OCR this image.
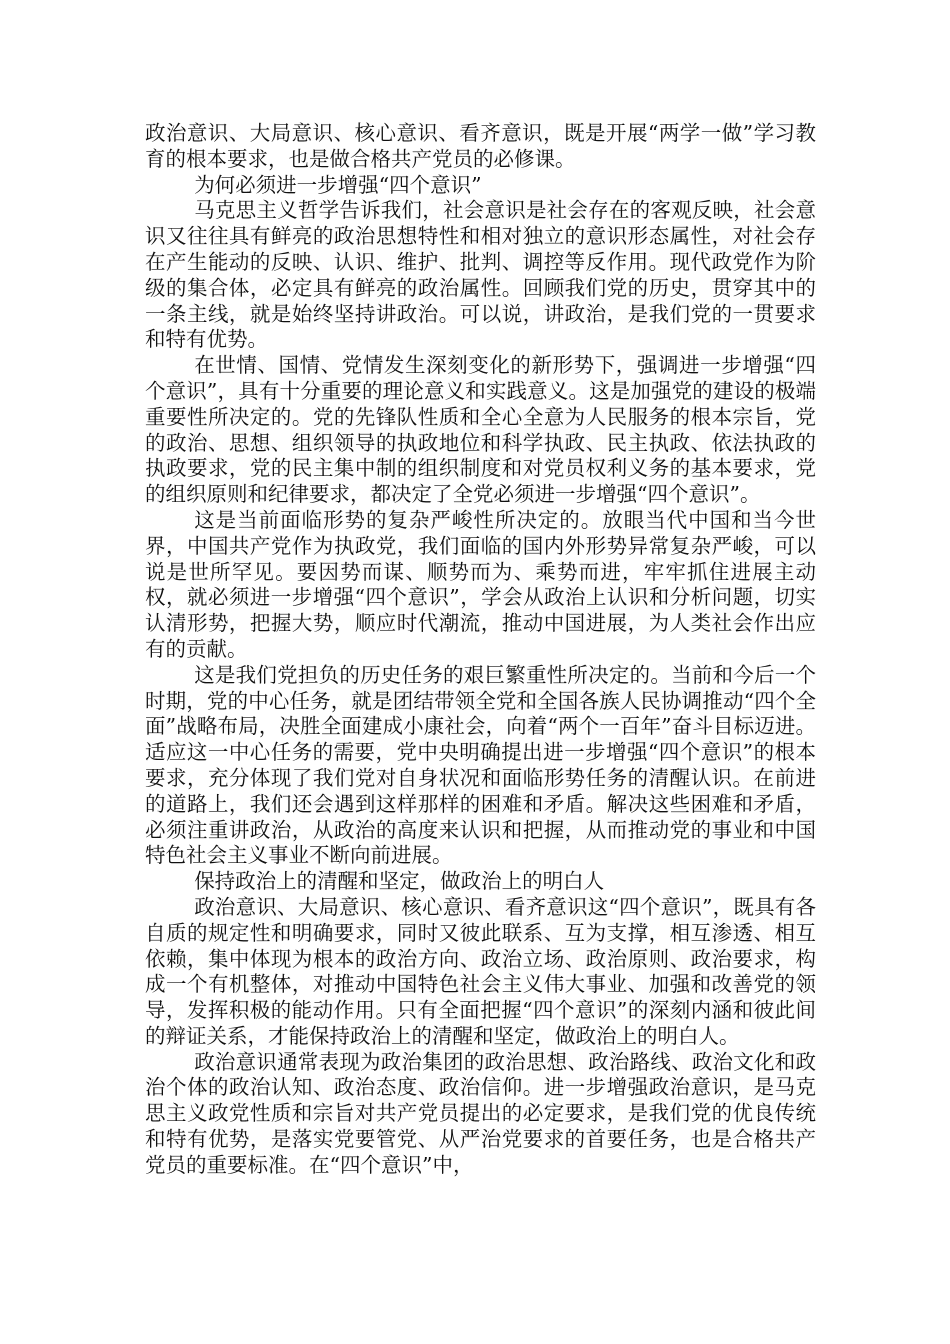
政治意识、大局意识、核心意识、看齐意识，既是开展“两学一做”学习教育的根本要求，也是做合格共产党员的必修课。

为何必须进一步增强“四个意识”

马克思主义哲学告诉我们，社会意识是社会存在的客观反映，社会意识又往往具有鲜亮的政治思想特性和相对独立的意识形态属性，对社会存在产生能动的反映、认识、维护、批判、调控等反作用。现代政党作为阶级的集合体，必定具有鲜亮的政治属性。回顾我们党的历史，贯穿其中的一条主线，就是始终坚持讲政治。可以说，讲政治，是我们党的一贯要求和特有优势。

在世情、国情、党情发生深刻变化的新形势下，强调进一步增强“四个意识”，具有十分重要的理论意义和实践意义。这是加强党的建设的极端重要性所决定的。党的先锋队性质和全心全意为人民服务的根本宗旨，党的政治、思想、组织领导的执政地位和科学执政、民主执政、依法执政的执政要求，党的民主集中制的组织制度和对党员权利义务的基本要求，党的组织原则和纪律要求，都决定了全党必须进一步增强“四个意识”。

这是当前面临形势的复杂严峻性所决定的。放眼当代中国和当今世界，中国共产党作为执政党，我们面临的国内外形势异常复杂严峻，可以说是世所罕见。要因势而谋、顺势而为、乘势而进，牢牢抓住进展主动权，就必须进一步增强“四个意识”，学会从政治上认识和分析问题，切实认清形势，把握大势，顺应时代潮流，推动中国进展，为人类社会作出应有的贡献。

这是我们党担负的历史任务的艰巨繁重性所决定的。当前和今后一个时期，党的中心任务，就是团结带领全党和全国各族人民协调推动“四个全面”战略布局，决胜全面建成小康社会，向着“两个一百年”奋斗目标迈进。适应这一中心任务的需要，党中央明确提出进一步增强“四个意识”的根本要求，充分体现了我们党对自身状况和面临形势任务的清醒认识。在前进的道路上，我们还会遇到这样那样的困难和矛盾。解决这些困难和矛盾，必须注重讲政治，从政治的高度来认识和把握，从而推动党的事业和中国特色社会主义事业不断向前进展。

保持政治上的清醒和坚定，做政治上的明白人

政治意识、大局意识、核心意识、看齐意识这“四个意识”，既具有各自质的规定性和明确要求，同时又彼此联系、互为支撑，相互渗透、相互依赖，集中体现为根本的政治方向、政治立场、政治原则、政治要求，构成一个有机整体，对推动中国特色社会主义伟大事业、加强和改善党的领导，发挥积极的能动作用。只有全面把握“四个意识”的深刻内涵和彼此间的辩证关系，才能保持政治上的清醒和坚定，做政治上的明白人。

政治意识通常表现为政治集团的政治思想、政治路线、政治文化和政治个体的政治认知、政治态度、政治信仰。进一步增强政治意识，是马克思主义政党性质和宗旨对共产党员提出的必定要求，是我们党的优良传统和特有优势，是落实党要管党、从严治党要求的首要任务，也是合格共产党员的重要标准。在“四个意识”中，
